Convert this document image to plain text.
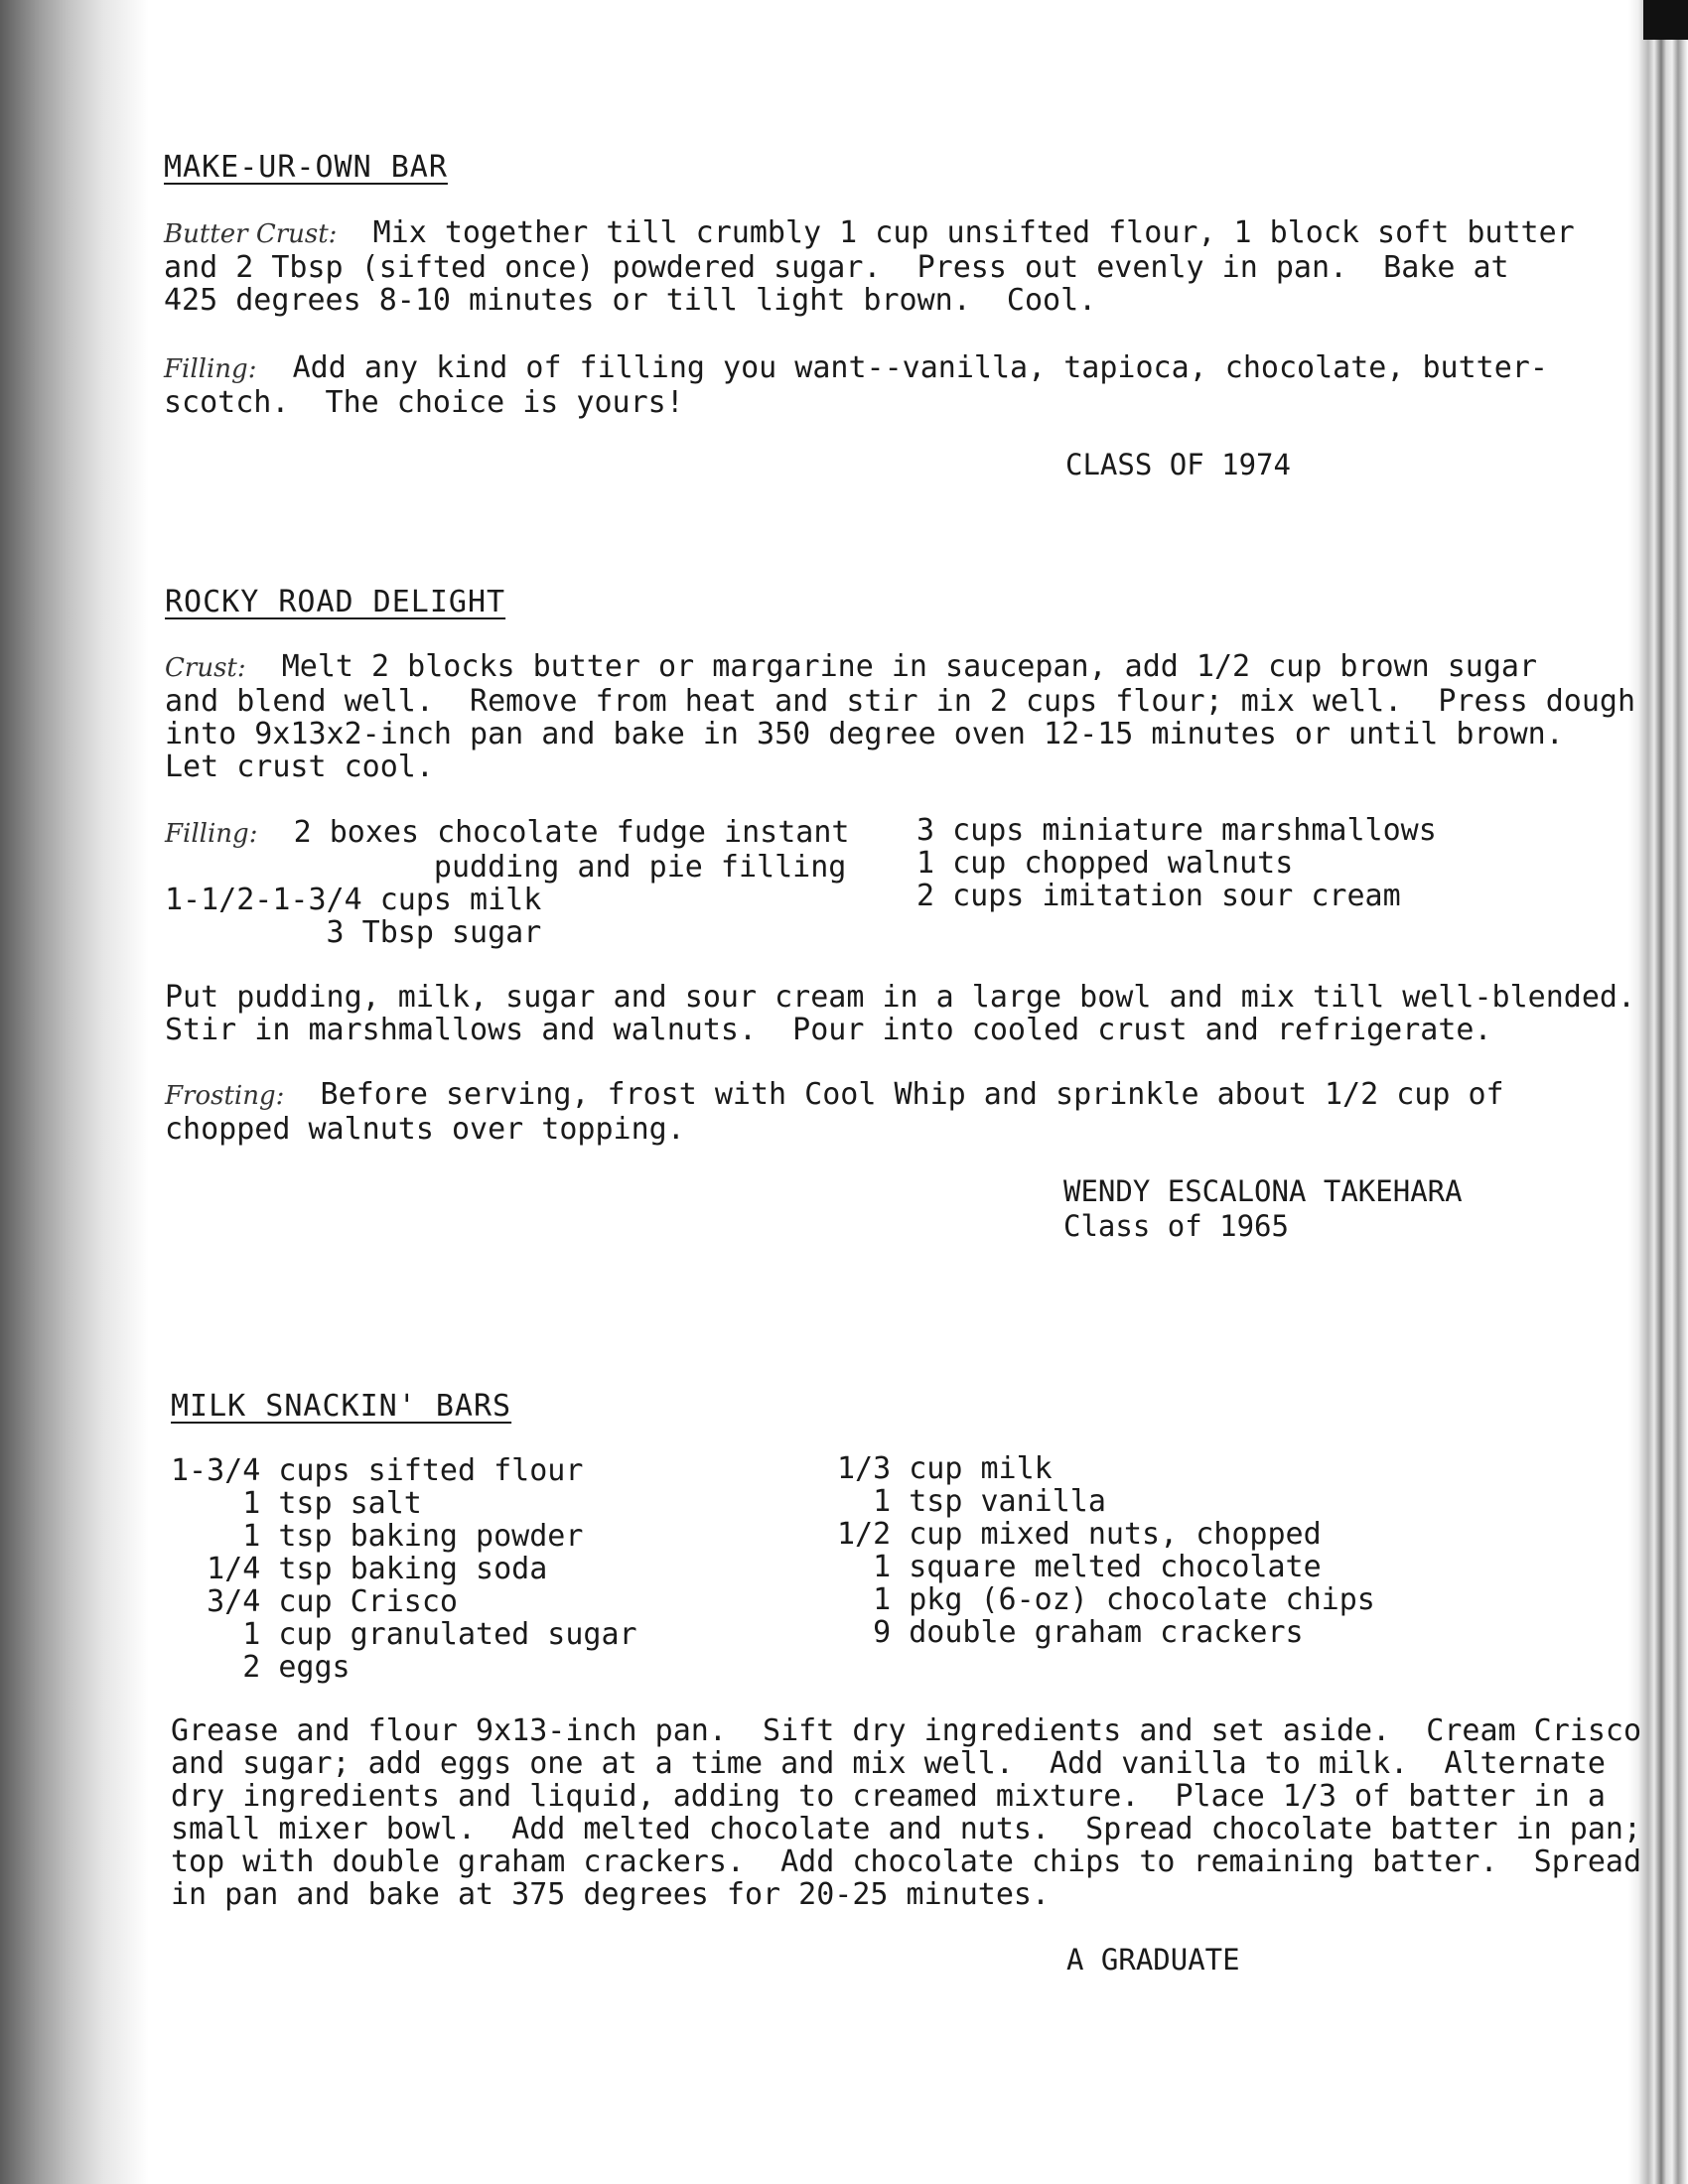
MAKE-UR-OWN BAR
Butter Crust:  Mix together till crumbly 1 cup unsifted flour, 1 block soft butter
and 2 Tbsp (sifted once) powdered sugar.  Press out evenly in pan.  Bake at
425 degrees 8-10 minutes or till light brown.  Cool.
Filling:  Add any kind of filling you want--vanilla, tapioca, chocolate, butter-
scotch.  The choice is yours!
CLASS OF 1974
ROCKY ROAD DELIGHT
Crust:  Melt 2 blocks butter or margarine in saucepan, add 1/2 cup brown sugar
and blend well.  Remove from heat and stir in 2 cups flour; mix well.  Press dough
into 9x13x2-inch pan and bake in 350 degree oven 12-15 minutes or until brown.
Let crust cool.
Filling:  2 boxes chocolate fudge instant
pudding and pie filling
1-1/2-1-3/4 cups milk
3 Tbsp sugar
3 cups miniature marshmallows
1 cup chopped walnuts
2 cups imitation sour cream
Put pudding, milk, sugar and sour cream in a large bowl and mix till well-blended.
Stir in marshmallows and walnuts.  Pour into cooled crust and refrigerate.
Frosting:  Before serving, frost with Cool Whip and sprinkle about 1/2 cup of
chopped walnuts over topping.
WENDY ESCALONA TAKEHARA
Class of 1965
MILK SNACKIN' BARS
1-3/4 cups sifted flour
1 tsp salt
1 tsp baking powder
1/4 tsp baking soda
3/4 cup Crisco
1 cup granulated sugar
2 eggs
1/3 cup milk
1 tsp vanilla
1/2 cup mixed nuts, chopped
1 square melted chocolate
1 pkg (6-oz) chocolate chips
9 double graham crackers
Grease and flour 9x13-inch pan.  Sift dry ingredients and set aside.  Cream Crisco
and sugar; add eggs one at a time and mix well.  Add vanilla to milk.  Alternate
dry ingredients and liquid, adding to creamed mixture.  Place 1/3 of batter in a
small mixer bowl.  Add melted chocolate and nuts.  Spread chocolate batter in pan;
top with double graham crackers.  Add chocolate chips to remaining batter.  Spread
in pan and bake at 375 degrees for 20-25 minutes.
A GRADUATE
